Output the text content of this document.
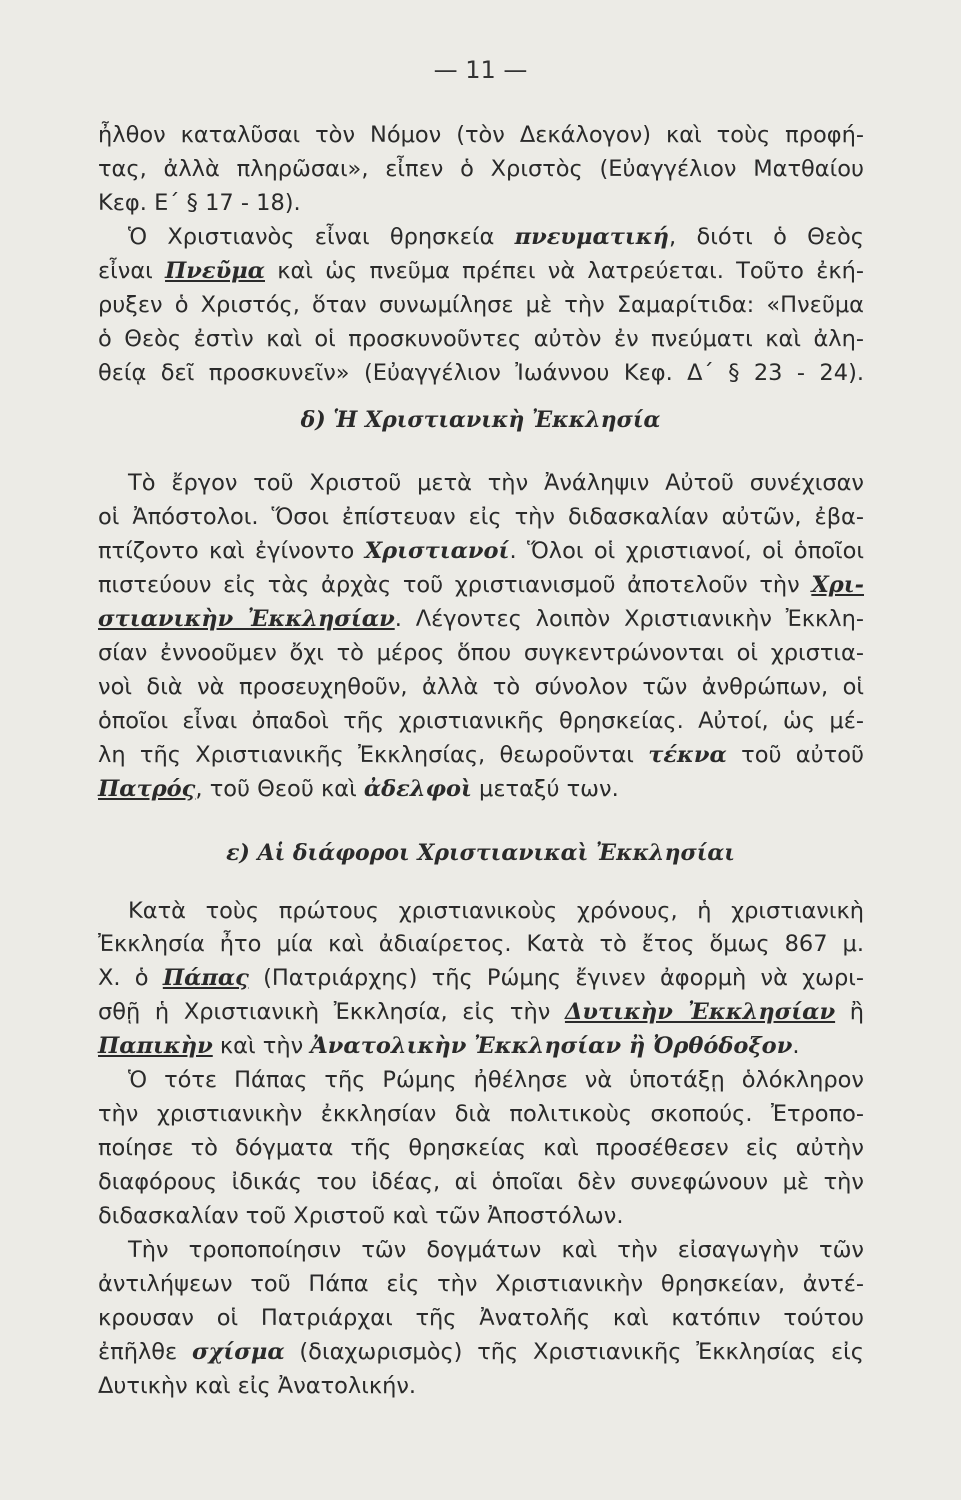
— 11 —
ἦλθον καταλῦσαι τὸν Νόμον (τὸν Δεκάλογον) καὶ τοὺς προφή-
τας, ἀλλὰ πληρῶσαι», εἶπεν ὁ Χριστὸς (Εὐαγγέλιον Ματθαίου
Κεφ. Ε΄ § 17 - 18).
Ὁ Χριστιανὸς εἶναι θρησκεία πνευματική, διότι ὁ Θεὸς
εἶναι Πνεῦμα καὶ ὡς πνεῦμα πρέπει νὰ λατρεύεται. Τοῦτο ἐκή-
ρυξεν ὁ Χριστός, ὅταν συνωμίλησε μὲ τὴν Σαμαρίτιδα: «Πνεῦμα
ὁ Θεὸς ἐστὶν καὶ οἱ προσκυνοῦντες αὐτὸν ἐν πνεύματι καὶ ἀλη-
θείᾳ δεῖ προσκυνεῖν» (Εὐαγγέλιον Ἰωάννου Κεφ. Δ΄ § 23 - 24).
δ) Ἡ Χριστιανικὴ Ἐκκλησία
Τὸ ἔργον τοῦ Χριστοῦ μετὰ τὴν Ἀνάληψιν Αὐτοῦ συνέχισαν
οἱ Ἀπόστολοι. Ὅσοι ἐπίστευαν εἰς τὴν διδασκαλίαν αὐτῶν, ἐβα-
πτίζοντο καὶ ἐγίνοντο Χριστιανοί. Ὅλοι οἱ χριστιανοί, οἱ ὁποῖοι
πιστεύουν εἰς τὰς ἀρχὰς τοῦ χριστιανισμοῦ ἀποτελοῦν τὴν Χρι-
στιανικὴν Ἐκκλησίαν. Λέγοντες λοιπὸν Χριστιανικὴν Ἐκκλη-
σίαν ἐννοοῦμεν ὄχι τὸ μέρος ὅπου συγκεντρώνονται οἱ χριστια-
νοὶ διὰ νὰ προσευχηθοῦν, ἀλλὰ τὸ σύνολον τῶν ἀνθρώπων, οἱ
ὁποῖοι εἶναι ὀπαδοὶ τῆς χριστιανικῆς θρησκείας. Αὐτοί, ὡς μέ-
λη τῆς Χριστιανικῆς Ἐκκλησίας, θεωροῦνται τέκνα τοῦ αὐτοῦ
Πατρός, τοῦ Θεοῦ καὶ ἀδελφοὶ μεταξύ των.
ε) Αἱ διάφοροι Χριστιανικαὶ Ἐκκλησίαι
Κατὰ τοὺς πρώτους χριστιανικοὺς χρόνους, ἡ χριστιανικὴ
Ἐκκλησία ἦτο μία καὶ ἀδιαίρετος. Κατὰ τὸ ἔτος ὅμως 867 μ.
Χ. ὁ Πάπας (Πατριάρχης) τῆς Ρώμης ἔγινεν ἀφορμὴ νὰ χωρι-
σθῇ ἡ Χριστιανικὴ Ἐκκλησία, εἰς τὴν Δυτικὴν Ἐκκλησίαν ἢ
Παπικὴν καὶ τὴν Ἀνατολικὴν Ἐκκλησίαν ἢ Ὀρθόδοξον.
Ὁ τότε Πάπας τῆς Ρώμης ἠθέλησε νὰ ὑποτάξῃ ὁλόκληρον
τὴν χριστιανικὴν ἐκκλησίαν διὰ πολιτικοὺς σκοπούς. Ἐτροπο-
ποίησε τὸ δόγματα τῆς θρησκείας καὶ προσέθεσεν εἰς αὐτὴν
διαφόρους ἰδικάς του ἰδέας, αἱ ὁποῖαι δὲν συνεφώνουν μὲ τὴν
διδασκαλίαν τοῦ Χριστοῦ καὶ τῶν Ἀποστόλων.
Τὴν τροποποίησιν τῶν δογμάτων καὶ τὴν εἰσαγωγὴν τῶν
ἀντιλήψεων τοῦ Πάπα εἰς τὴν Χριστιανικὴν θρησκείαν, ἀντέ-
κρουσαν οἱ Πατριάρχαι τῆς Ἀνατολῆς καὶ κατόπιν τούτου
ἐπῆλθε σχίσμα (διαχωρισμὸς) τῆς Χριστιανικῆς Ἐκκλησίας εἰς
Δυτικὴν καὶ εἰς Ἀνατολικήν.
